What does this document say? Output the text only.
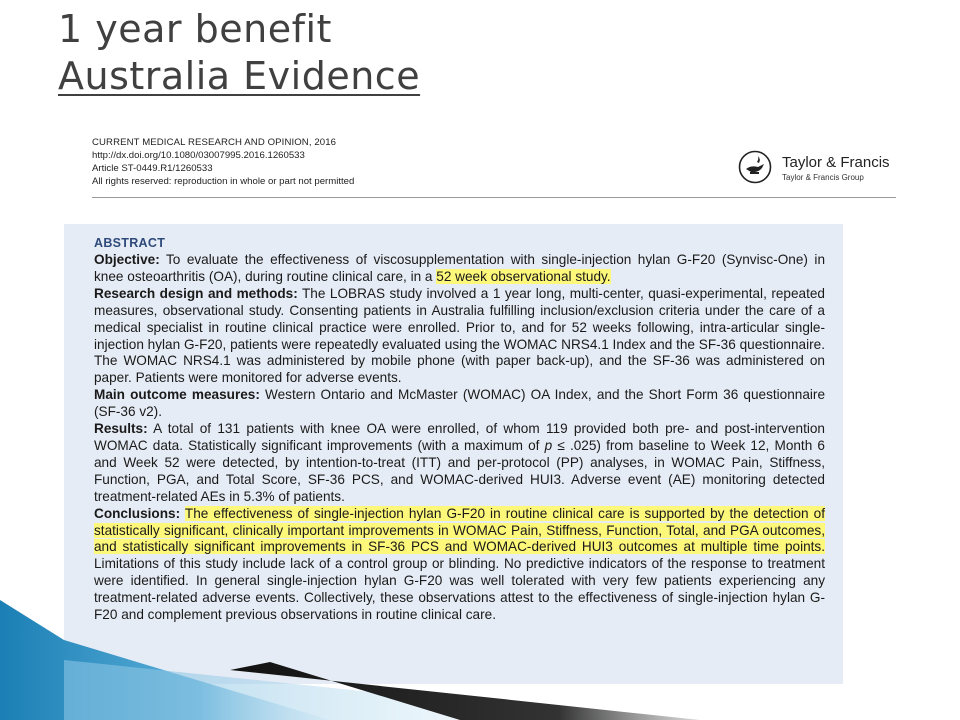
1 year benefit
Australia Evidence
CURRENT MEDICAL RESEARCH AND OPINION, 2016
http://dx.doi.org/10.1080/03007995.2016.1260533
Article ST-0449.R1/1260533
All rights reserved: reproduction in whole or part not permitted
Taylor & Francis
Taylor & Francis Group
ABSTRACT

Objective: To evaluate the effectiveness of viscosupplementation with single-injection hylan G-F20 (Synvisc-One) in knee osteoarthritis (OA), during routine clinical care, in a 52 week observational study.

Research design and methods: The LOBRAS study involved a 1 year long, multi-center, quasi-experimental, repeated measures, observational study. Consenting patients in Australia fulfilling inclusion/exclusion criteria under the care of a medical specialist in routine clinical practice were enrolled. Prior to, and for 52 weeks following, intra-articular single-injection hylan G-F20, patients were repeatedly evaluated using the WOMAC NRS4.1 Index and the SF-36 questionnaire. The WOMAC NRS4.1 was administered by mobile phone (with paper back-up), and the SF-36 was administered on paper. Patients were monitored for adverse events.

Main outcome measures: Western Ontario and McMaster (WOMAC) OA Index, and the Short Form 36 questionnaire (SF-36 v2).

Results: A total of 131 patients with knee OA were enrolled, of whom 119 provided both pre- and post-intervention WOMAC data. Statistically significant improvements (with a maximum of p ≤ .025) from baseline to Week 12, Month 6 and Week 52 were detected, by intention-to-treat (ITT) and per-protocol (PP) analyses, in WOMAC Pain, Stiffness, Function, PGA, and Total Score, SF-36 PCS, and WOMAC-derived HUI3. Adverse event (AE) monitoring detected treatment-related AEs in 5.3% of patients.

Conclusions: The effectiveness of single-injection hylan G-F20 in routine clinical care is supported by the detection of statistically significant, clinically important improvements in WOMAC Pain, Stiffness, Function, Total, and PGA outcomes, and statistically significant improvements in SF-36 PCS and WOMAC-derived HUI3 outcomes at multiple time points. Limitations of this study include lack of a control group or blinding. No predictive indicators of the response to treatment were identified. In general single-injection hylan G-F20 was well tolerated with very few patients experiencing any treatment-related adverse events. Collectively, these observations attest to the effectiveness of single-injection hylan G-F20 and complement previous observations in routine clinical care.
